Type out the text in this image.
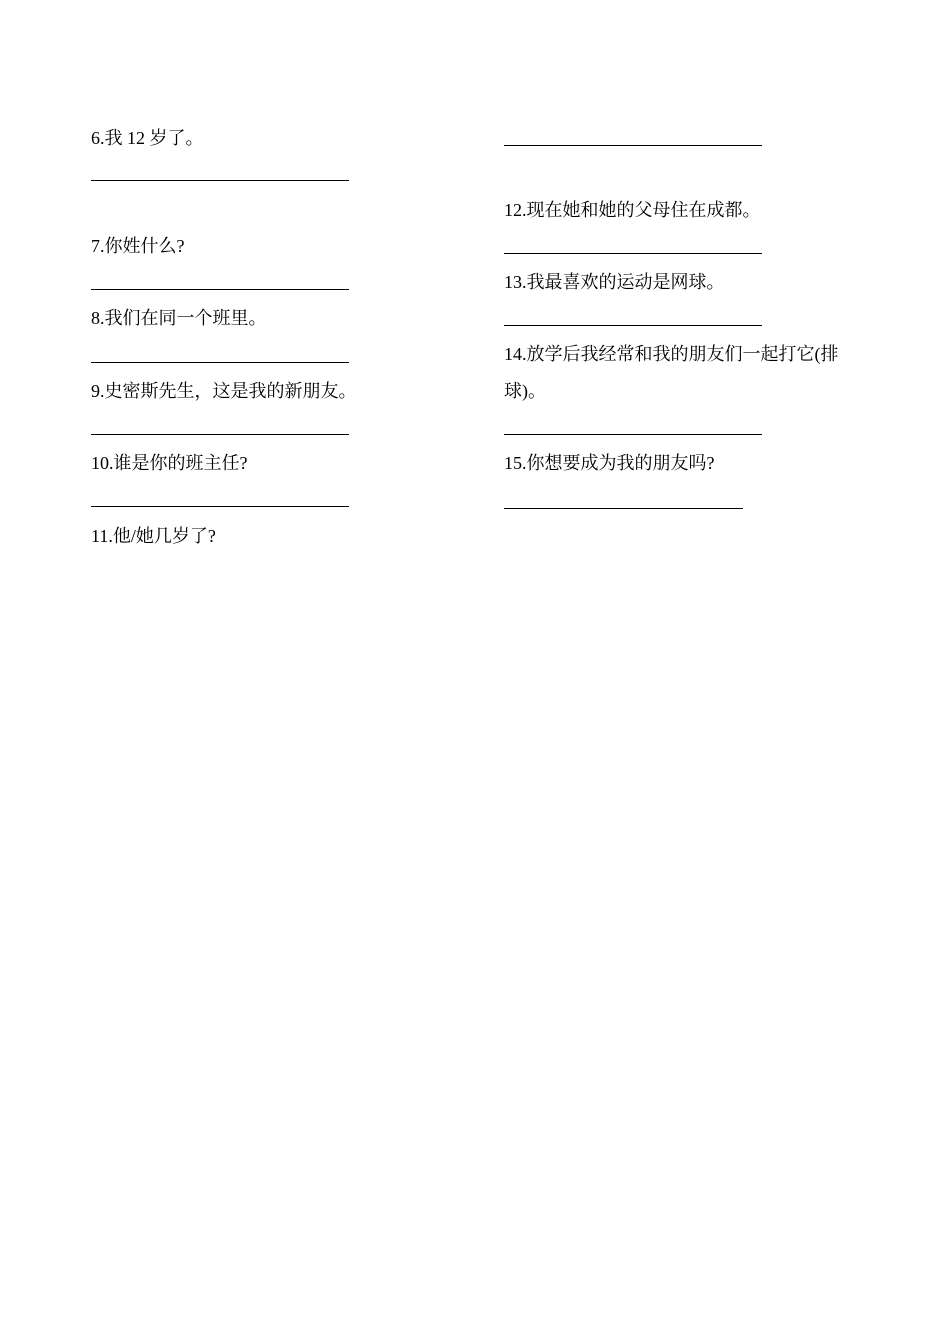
6.我 12 岁了。

7.你姓什么?

8.我们在同一个班里。

9.史密斯先生，这是我的新朋友。

10.谁是你的班主任?

11.他/她几岁了?

12.现在她和她的父母住在成都。

13.我最喜欢的运动是网球。

14.放学后我经常和我的朋友们一起打它(排球)。

15.你想要成为我的朋友吗?
